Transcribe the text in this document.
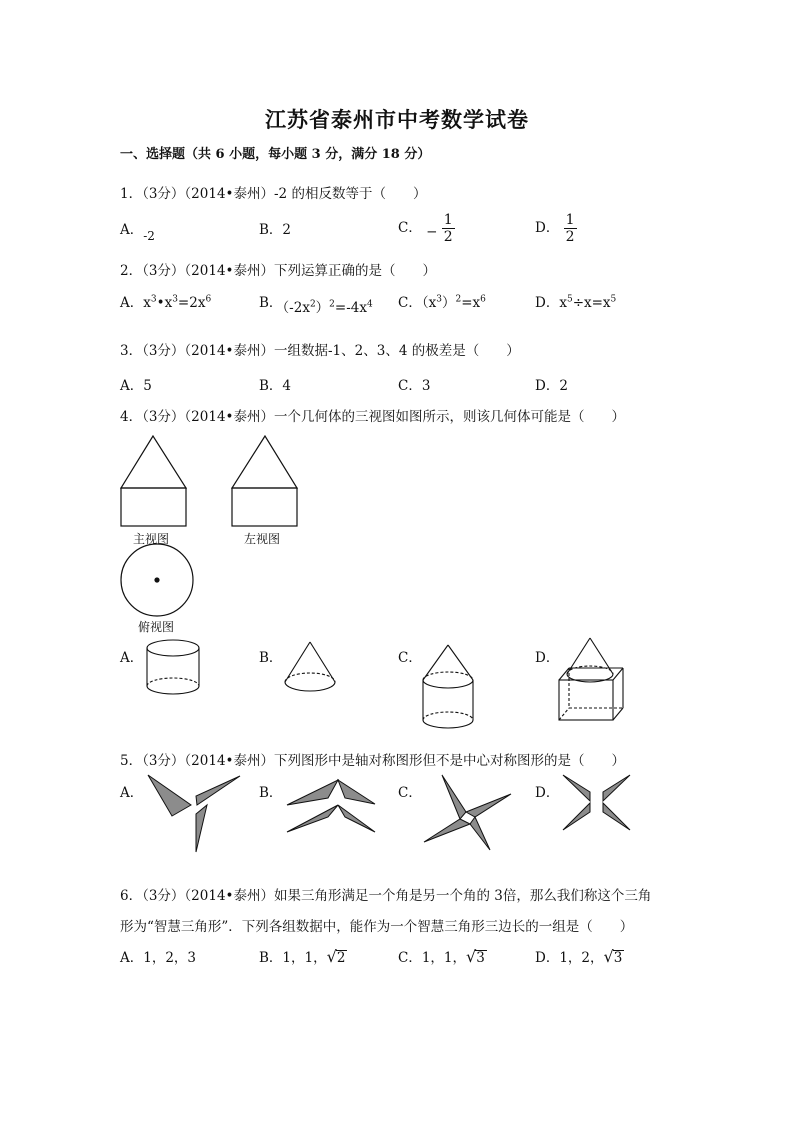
江苏省泰州市中考数学试卷
一、选择题（共 6 小题，每小题 3 分，满分 18 分）
1．（3分）（2014•泰州）-2 的相反数等于（　　）
A．-2	B．2	C． − $\frac{1}{2}$	D． $\frac{1}{2}$
2．（3分）（2014•泰州）下列运算正确的是（　　）
A．$x^3•x^3=2x^6$	B．$(-2x^2)^2=-4x^4$ C．$(x^3)^2=x^6$	D．$x^5\div x=x^5$
3．（3分）（2014•泰州）一组数据-1、2、3、4 的极差是（　　）
A．5	B．4	C．3	D．2
4．（3分）（2014•泰州）一个几何体的三视图如图所示，则该几何体可能是（　　）
主视图	左视图
俯视图
A．	B．	C．	D．
5．（3分）（2014•泰州）下列图形中是轴对称图形但不是中心对称图形的是（　　）
A．	B．	C．	D．
6．（3分）（2014•泰州）如果三角形满足一个角是另一个角的 3倍，那么我们称这个三角
形为“智慧三角形”．下列各组数据中，能作为一个智慧三角形三边长的一组是（　　）
A．1，2，3	B．1，1，√2	C．1，1，√3	D．1，2，√3
